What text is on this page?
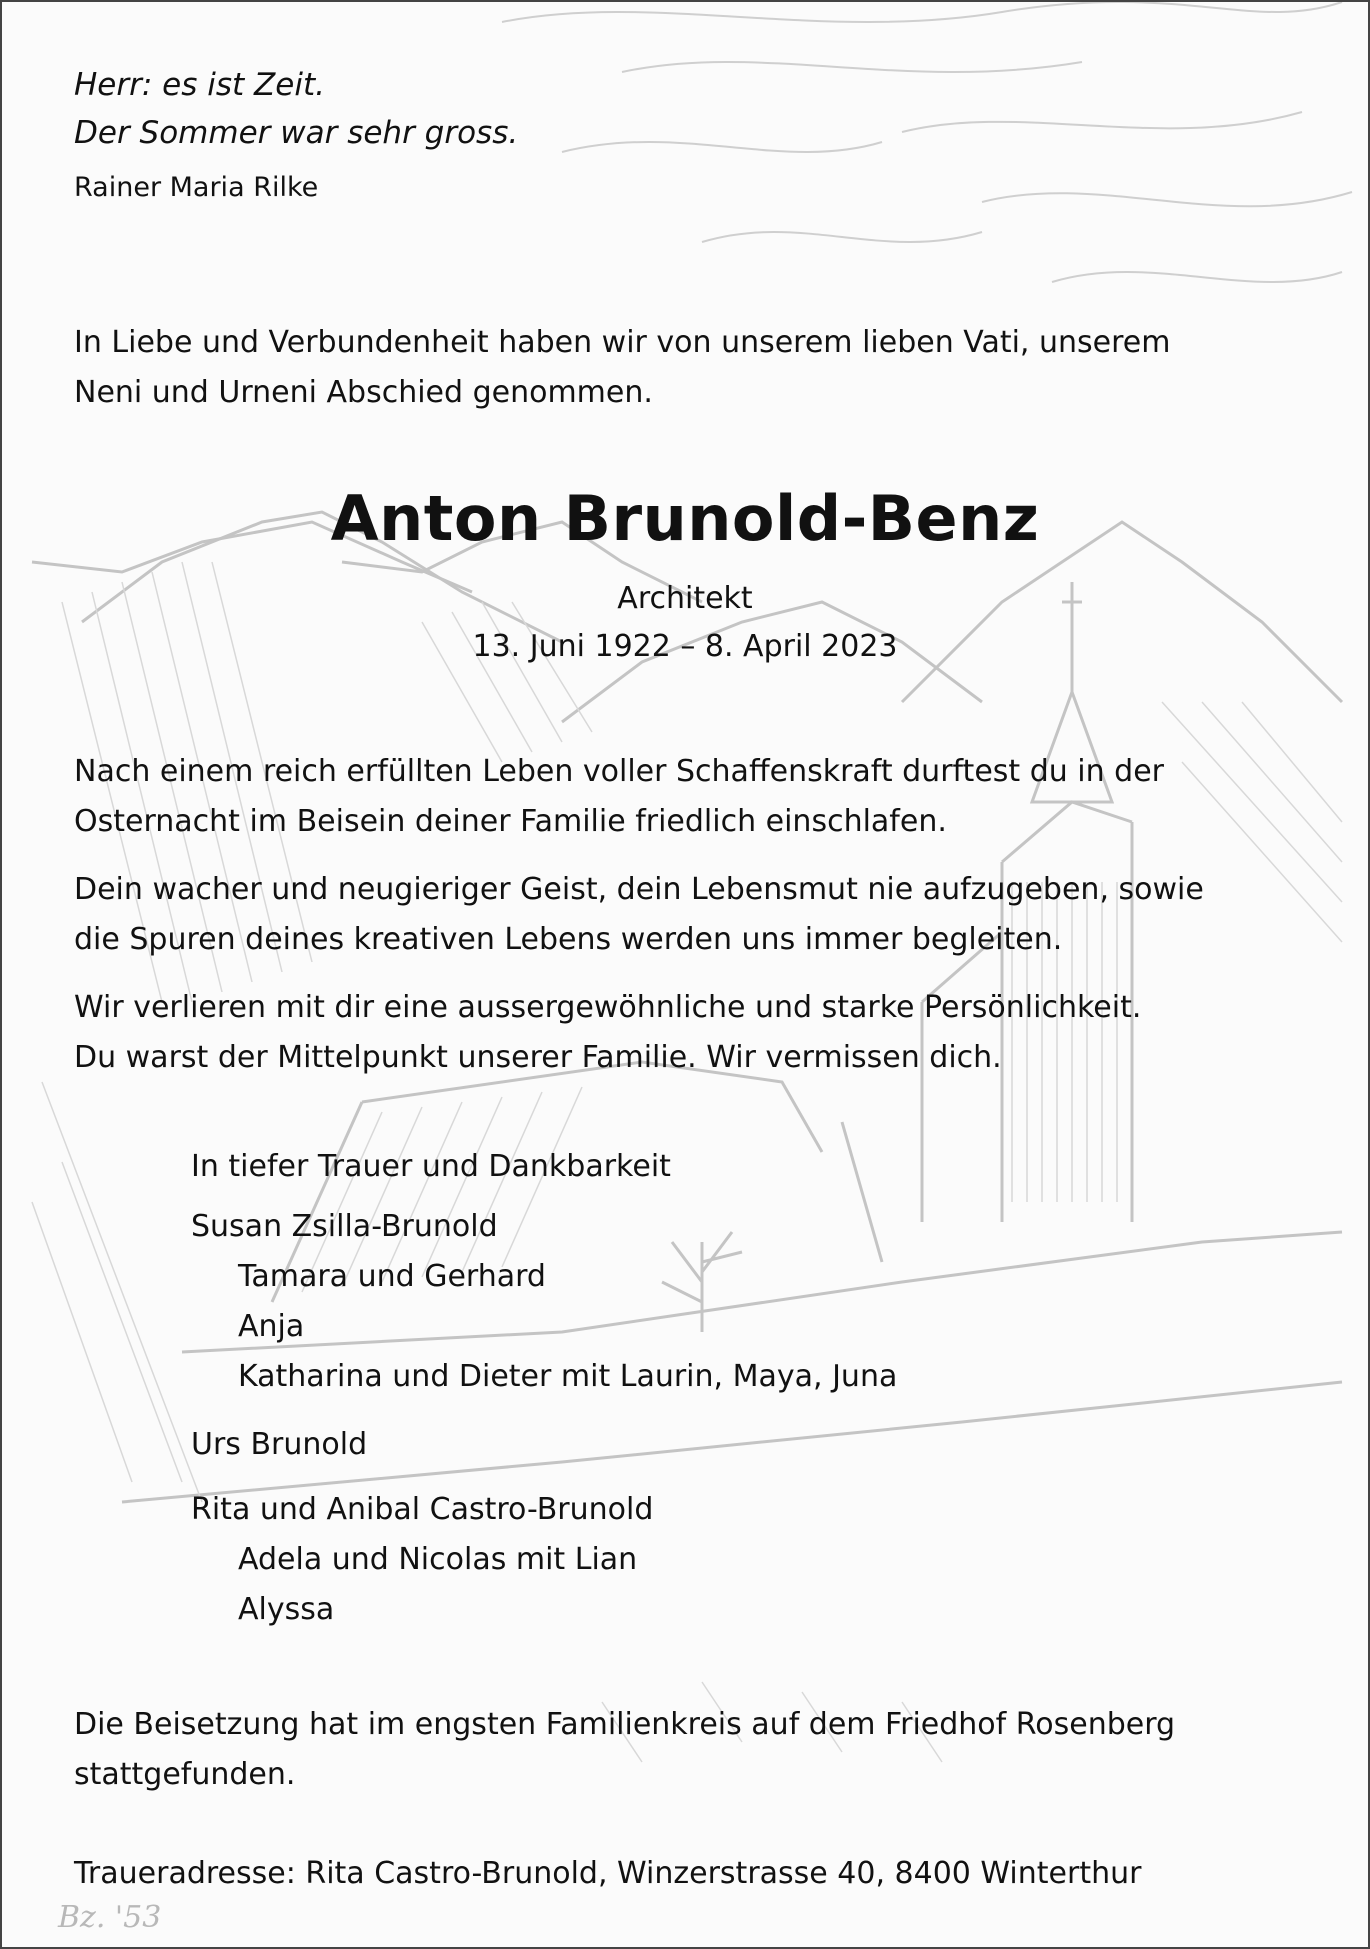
Bz. '53
Herr: es ist Zeit.
Der Sommer war sehr gross.
Rainer Maria Rilke
In Liebe und Verbundenheit haben wir von unserem lieben Vati, unserem
Neni und Urneni Abschied genommen.
Anton Brunold-Benz
Architekt
13. Juni 1922 – 8. April 2023
Nach einem reich erfüllten Leben voller Schaffenskraft durftest du in der
Osternacht im Beisein deiner Familie friedlich einschlafen.
Dein wacher und neugieriger Geist, dein Lebensmut nie aufzugeben, sowie
die Spuren deines kreativen Lebens werden uns immer begleiten.
Wir verlieren mit dir eine aussergewöhnliche und starke Persönlichkeit.
Du warst der Mittelpunkt unserer Familie. Wir vermissen dich.
In tiefer Trauer und Dankbarkeit
Susan Zsilla-Brunold
Tamara und Gerhard
Anja
Katharina und Dieter mit Laurin, Maya, Juna
Urs Brunold
Rita und Anibal Castro-Brunold
Adela und Nicolas mit Lian
Alyssa
Die Beisetzung hat im engsten Familienkreis auf dem Friedhof Rosenberg
stattgefunden.
Traueradresse: Rita Castro-Brunold, Winzerstrasse 40, 8400 Winterthur
